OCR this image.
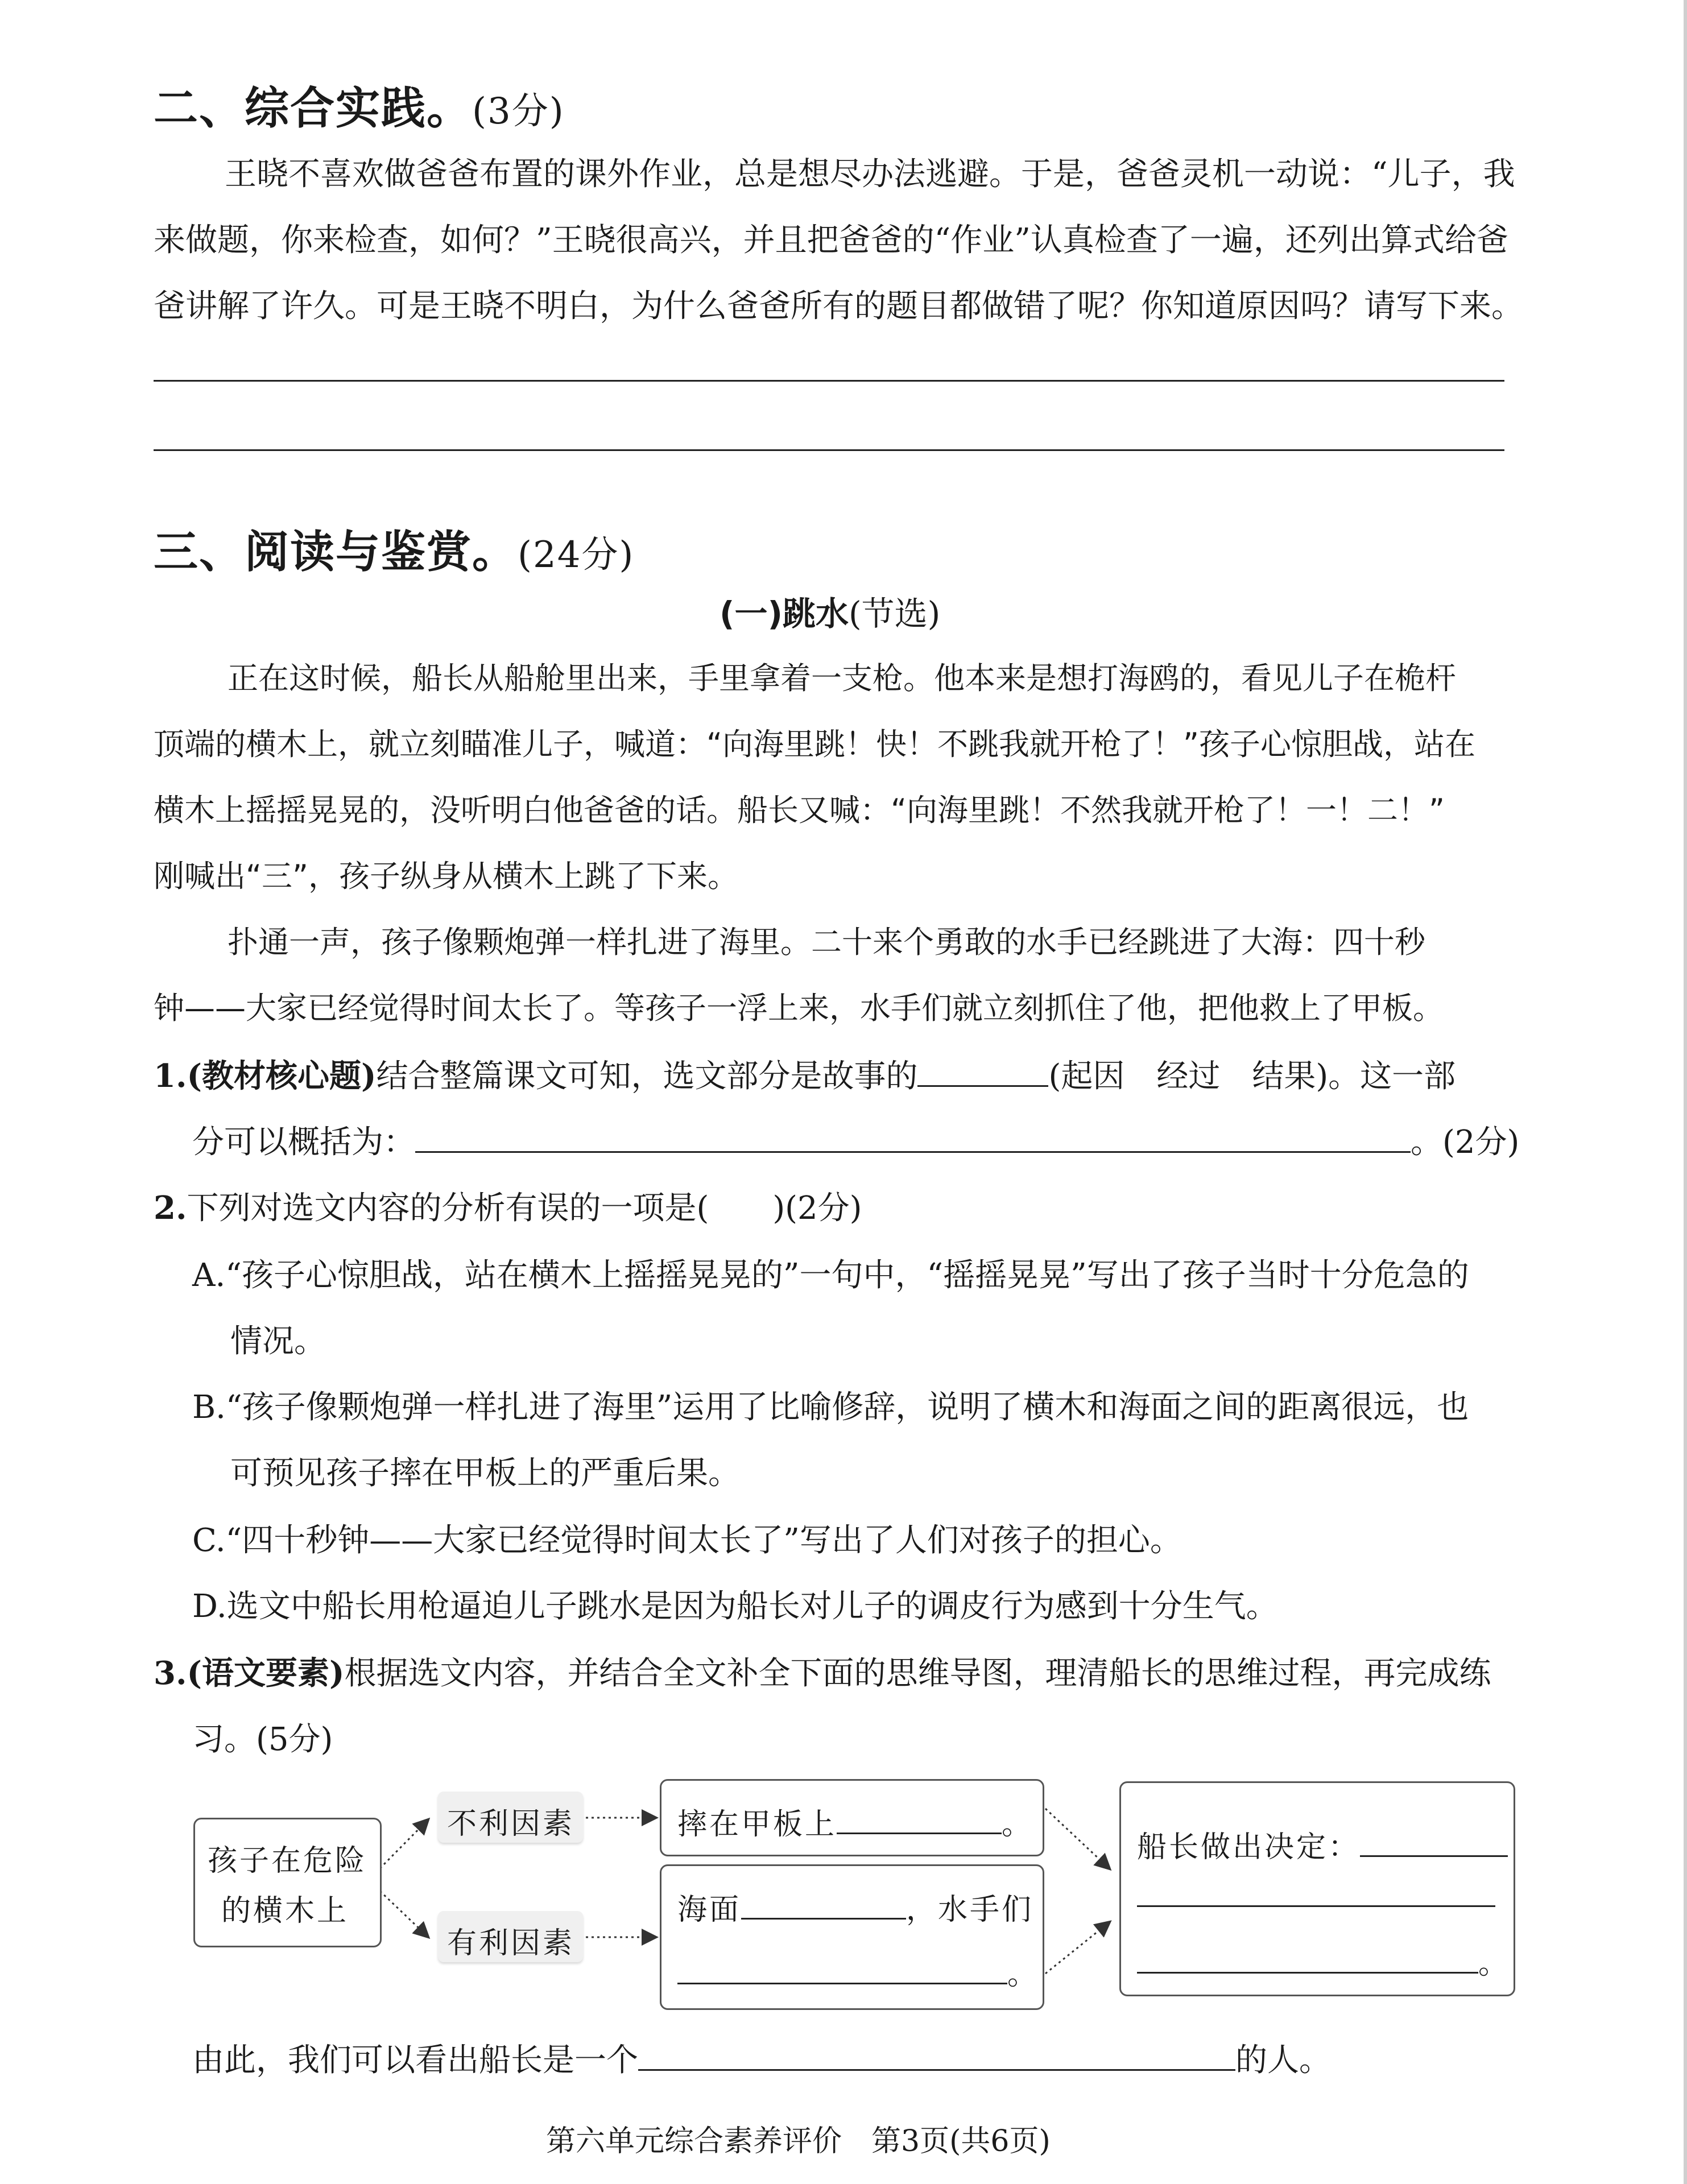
二、综合实践。(3分)
王晓不喜欢做爸爸布置的课外作业，总是想尽办法逃避。于是，爸爸灵机一动说：“儿子，我
来做题，你来检查，如何？”王晓很高兴，并且把爸爸的“作业”认真检查了一遍，还列出算式给爸
爸讲解了许久。可是王晓不明白，为什么爸爸所有的题目都做错了呢？你知道原因吗？请写下来。
三、阅读与鉴赏。(24分)
(一)跳水(节选)
正在这时候，船长从船舱里出来，手里拿着一支枪。他本来是想打海鸥的，看见儿子在桅杆
顶端的横木上，就立刻瞄准儿子，喊道：“向海里跳！快！不跳我就开枪了！”孩子心惊胆战，站在
横木上摇摇晃晃的，没听明白他爸爸的话。船长又喊：“向海里跳！不然我就开枪了！一！二！”
刚喊出“三”，孩子纵身从横木上跳了下来。
扑通一声，孩子像颗炮弹一样扎进了海里。二十来个勇敢的水手已经跳进了大海：四十秒
钟——大家已经觉得时间太长了。等孩子一浮上来，水手们就立刻抓住了他，把他救上了甲板。
1.(教材核心题)结合整篇课文可知，选文部分是故事的	(起因　经过　结果)。这一部
分可以概括为：	。(2分)
2.下列对选文内容的分析有误的一项是(　　)(2分)
A.“孩子心惊胆战，站在横木上摇摇晃晃的”一句中，“摇摇晃晃”写出了孩子当时十分危急的
情况。
B.“孩子像颗炮弹一样扎进了海里”运用了比喻修辞，说明了横木和海面之间的距离很远，也
可预见孩子摔在甲板上的严重后果。
C.“四十秒钟——大家已经觉得时间太长了”写出了人们对孩子的担心。
D.选文中船长用枪逼迫儿子跳水是因为船长对儿子的调皮行为感到十分生气。
3.(语文要素)根据选文内容，并结合全文补全下面的思维导图，理清船长的思维过程，再完成练
习。(5分)
孩子在危险
的横木上
不利因素
有利因素
摔在甲板上	。
海面	，水手们
。
船长做出决定：
。
由此，我们可以看出船长是一个	的人。
第六单元综合素养评价　第3页(共6页)
